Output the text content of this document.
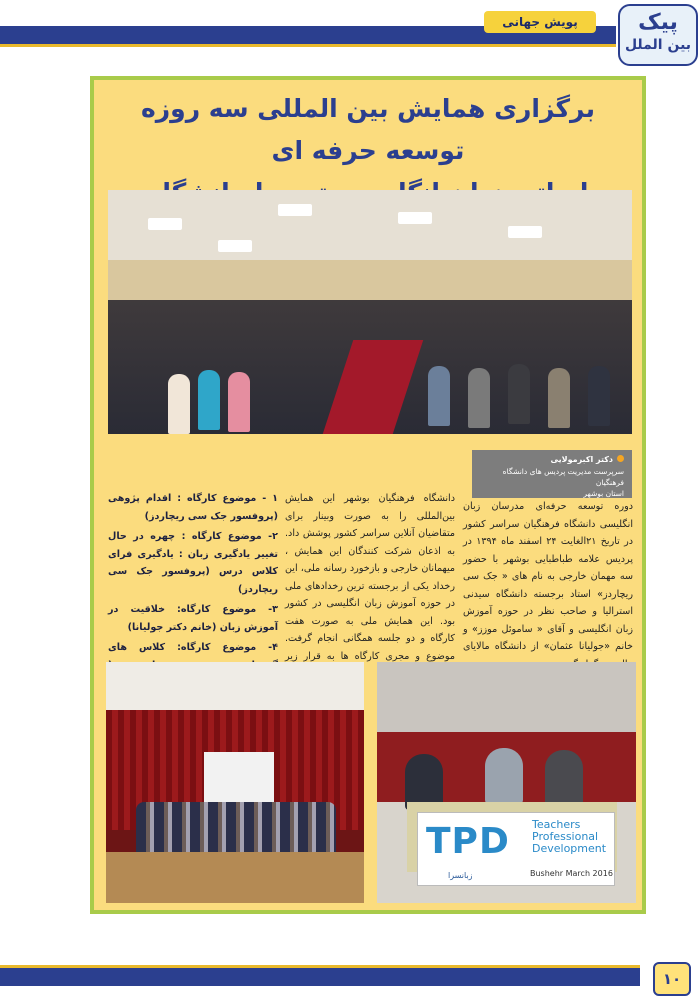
پویش جهانی	پیک
بین الملل
برگزاری همایش بین المللی سه روزه توسعه حرفه ای
دکتر اکبرمولایی
سرپرست مدیریت پردیس های دانشگاه فرهنگیان
استان بوشهر
دوره توسعه حرفه‌ای مدرسان زبان انگلیسی دانشگاه فرهنگیان سراسر کشور در تاریخ ۲۱الغایت ۲۴ اسفند ماه ۱۳۹۴ در پردیس علامه طباطبایی بوشهر با حضور سه مهمان خارجی به نام های « جک سی ریچاردز» استاد برجسته دانشگاه سیدنی استرالیا و صاحب نظر در حوزه آموزش زبان انگلیسی و آقای « ساموئل موزز» و خانم «جولیانا عثمان» از دانشگاه مالایای
دانشگاه فرهنگیان بوشهر این همایش بین‌المللی را به صورت وبینار برای متقاضیان آنلاین سراسر کشور پوشش داد. به اذعان شرکت کنندگان این همایش ، میهمانان خارجی و بازخورد رسانه ملی، این رخداد یکی از برجسته ترین رخدادهای ملی در حوزه آموزش زبان انگلیسی در کشور بود. این همایش ملی به صورت هفت کارگاه و دو جلسه همگانی انجام گرفت. موضوع و مجری کارگاه ها به قرار زیر

۱ - موضوع کارگاه : اقدام پژوهی (پروفسور جک سی ریچاردز)

۲- موضوع کارگاه : چهره در حال تغییر یادگیری زبان : یادگیری فرای کلاس درس (پروفسور جک سی ریچاردز)

۳- موضوع کارگاه: خلاقیت در آموزش زبان (خانم دکتر جولیانا)

۴- موضوع کارگاه: کلاس های

TPD Teachers
Professional
Development
زبانسرا	Bushehr March 2016
۱۰
